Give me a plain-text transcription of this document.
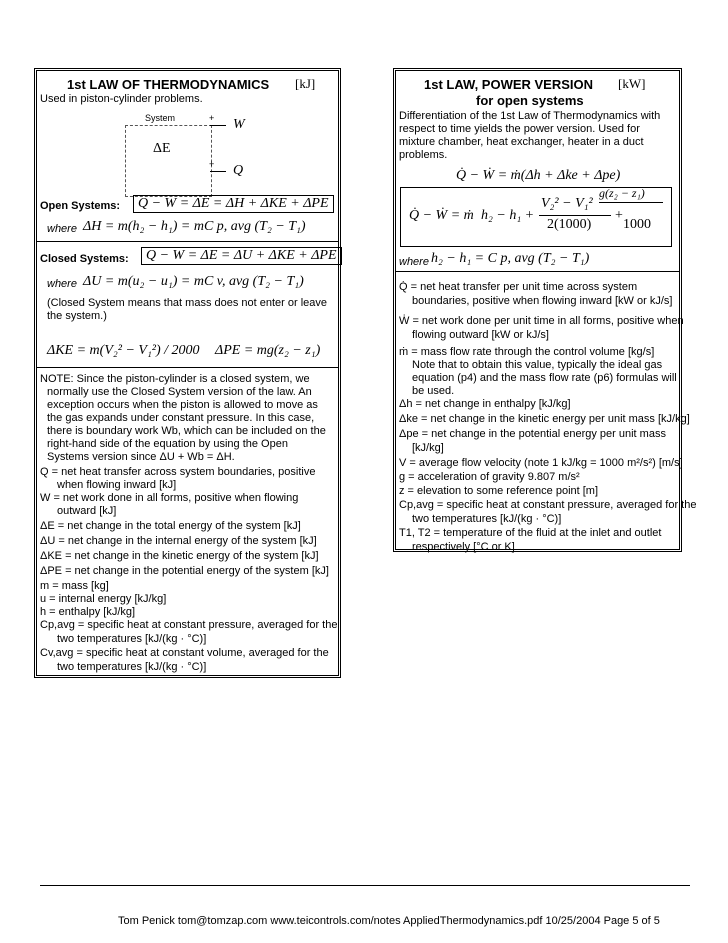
1st LAW OF THERMODYNAMICS [kJ]
Used in piston-cylinder problems.
System
ΔE
W
+
+ Q
Open Systems:	Q − W = ΔE = ΔH + ΔKE + ΔPE
where ΔH = m(h₂ − h₁) = mC p, avg (T₂ − T₁)
Closed Systems:	Q − W = ΔE = ΔU + ΔKE + ΔPE
where ΔU = m(u₂ − u₁) = mC v, avg (T₂ − T₁)
(Closed System means that mass does not enter or leave
the system.)
ΔKE = m(V₂² − V₁²) / 2000 ΔPE = mg(z₂ − z₁)
NOTE: Since the piston-cylinder is a closed system, we
normally use the Closed System version of the law. An
exception occurs when the piston is allowed to move as
the gas expands under constant pressure. In this case,
there is boundary work Wb, which can be included on the
right-hand side of the equation by using the Open
Systems version since ΔU + Wb = ΔH.
Q = net heat transfer across system boundaries, positive
when flowing inward [kJ]
W = net work done in all forms, positive when flowing
outward [kJ]
ΔE = net change in the total energy of the system [kJ]
ΔU = net change in the internal energy of the system [kJ]
ΔKE = net change in the kinetic energy of the system [kJ]
ΔPE = net change in the potential energy of the system [kJ]
m = mass [kg]
u = internal energy [kJ/kg]
h = enthalpy [kJ/kg]
Cp,avg = specific heat at constant pressure, averaged for the
two temperatures [kJ/(kg · °C)]
Cv,avg = specific heat at constant volume, averaged for the
two temperatures [kJ/(kg · °C)]
1st LAW, POWER VERSION [kW]
for open systems
Differentiation of the 1st Law of Thermodynamics with
respect to time yields the power version. Used for
mixture chamber, heat exchanger, heater in a duct
problems.
Q̇ − Ẇ = ṁ(Δh + Δke + Δpe)
Q̇ − Ẇ = ṁ h₂ − h₁ +
V₂² − V₁²
2(1000)
+
g(z₂ − z₁)
1000
where h₂ − h₁ = C p, avg (T₂ − T₁)
Q̇ = net heat transfer per unit time across system
boundaries, positive when flowing inward [kW or kJ/s]
Ẇ = net work done per unit time in all forms, positive when
flowing outward [kW or kJ/s]
ṁ = mass flow rate through the control volume [kg/s]
Note that to obtain this value, typically the ideal gas
equation (p4) and the mass flow rate (p6) formulas will
be used.
Δh = net change in enthalpy [kJ/kg]
Δke = net change in the kinetic energy per unit mass [kJ/kg]
Δpe = net change in the potential energy per unit mass
[kJ/kg]
V = average flow velocity (note 1 kJ/kg = 1000 m²/s²) [m/s]
g = acceleration of gravity 9.807 m/s²
z = elevation to some reference point [m]
Cp,avg = specific heat at constant pressure, averaged for the
two temperatures [kJ/(kg · °C)]
T1, T2 = temperature of the fluid at the inlet and outlet
respectively [°C or K]
Tom Penick tom@tomzap.com www.teicontrols.com/notes AppliedThermodynamics.pdf 10/25/2004 Page 5 of 5
